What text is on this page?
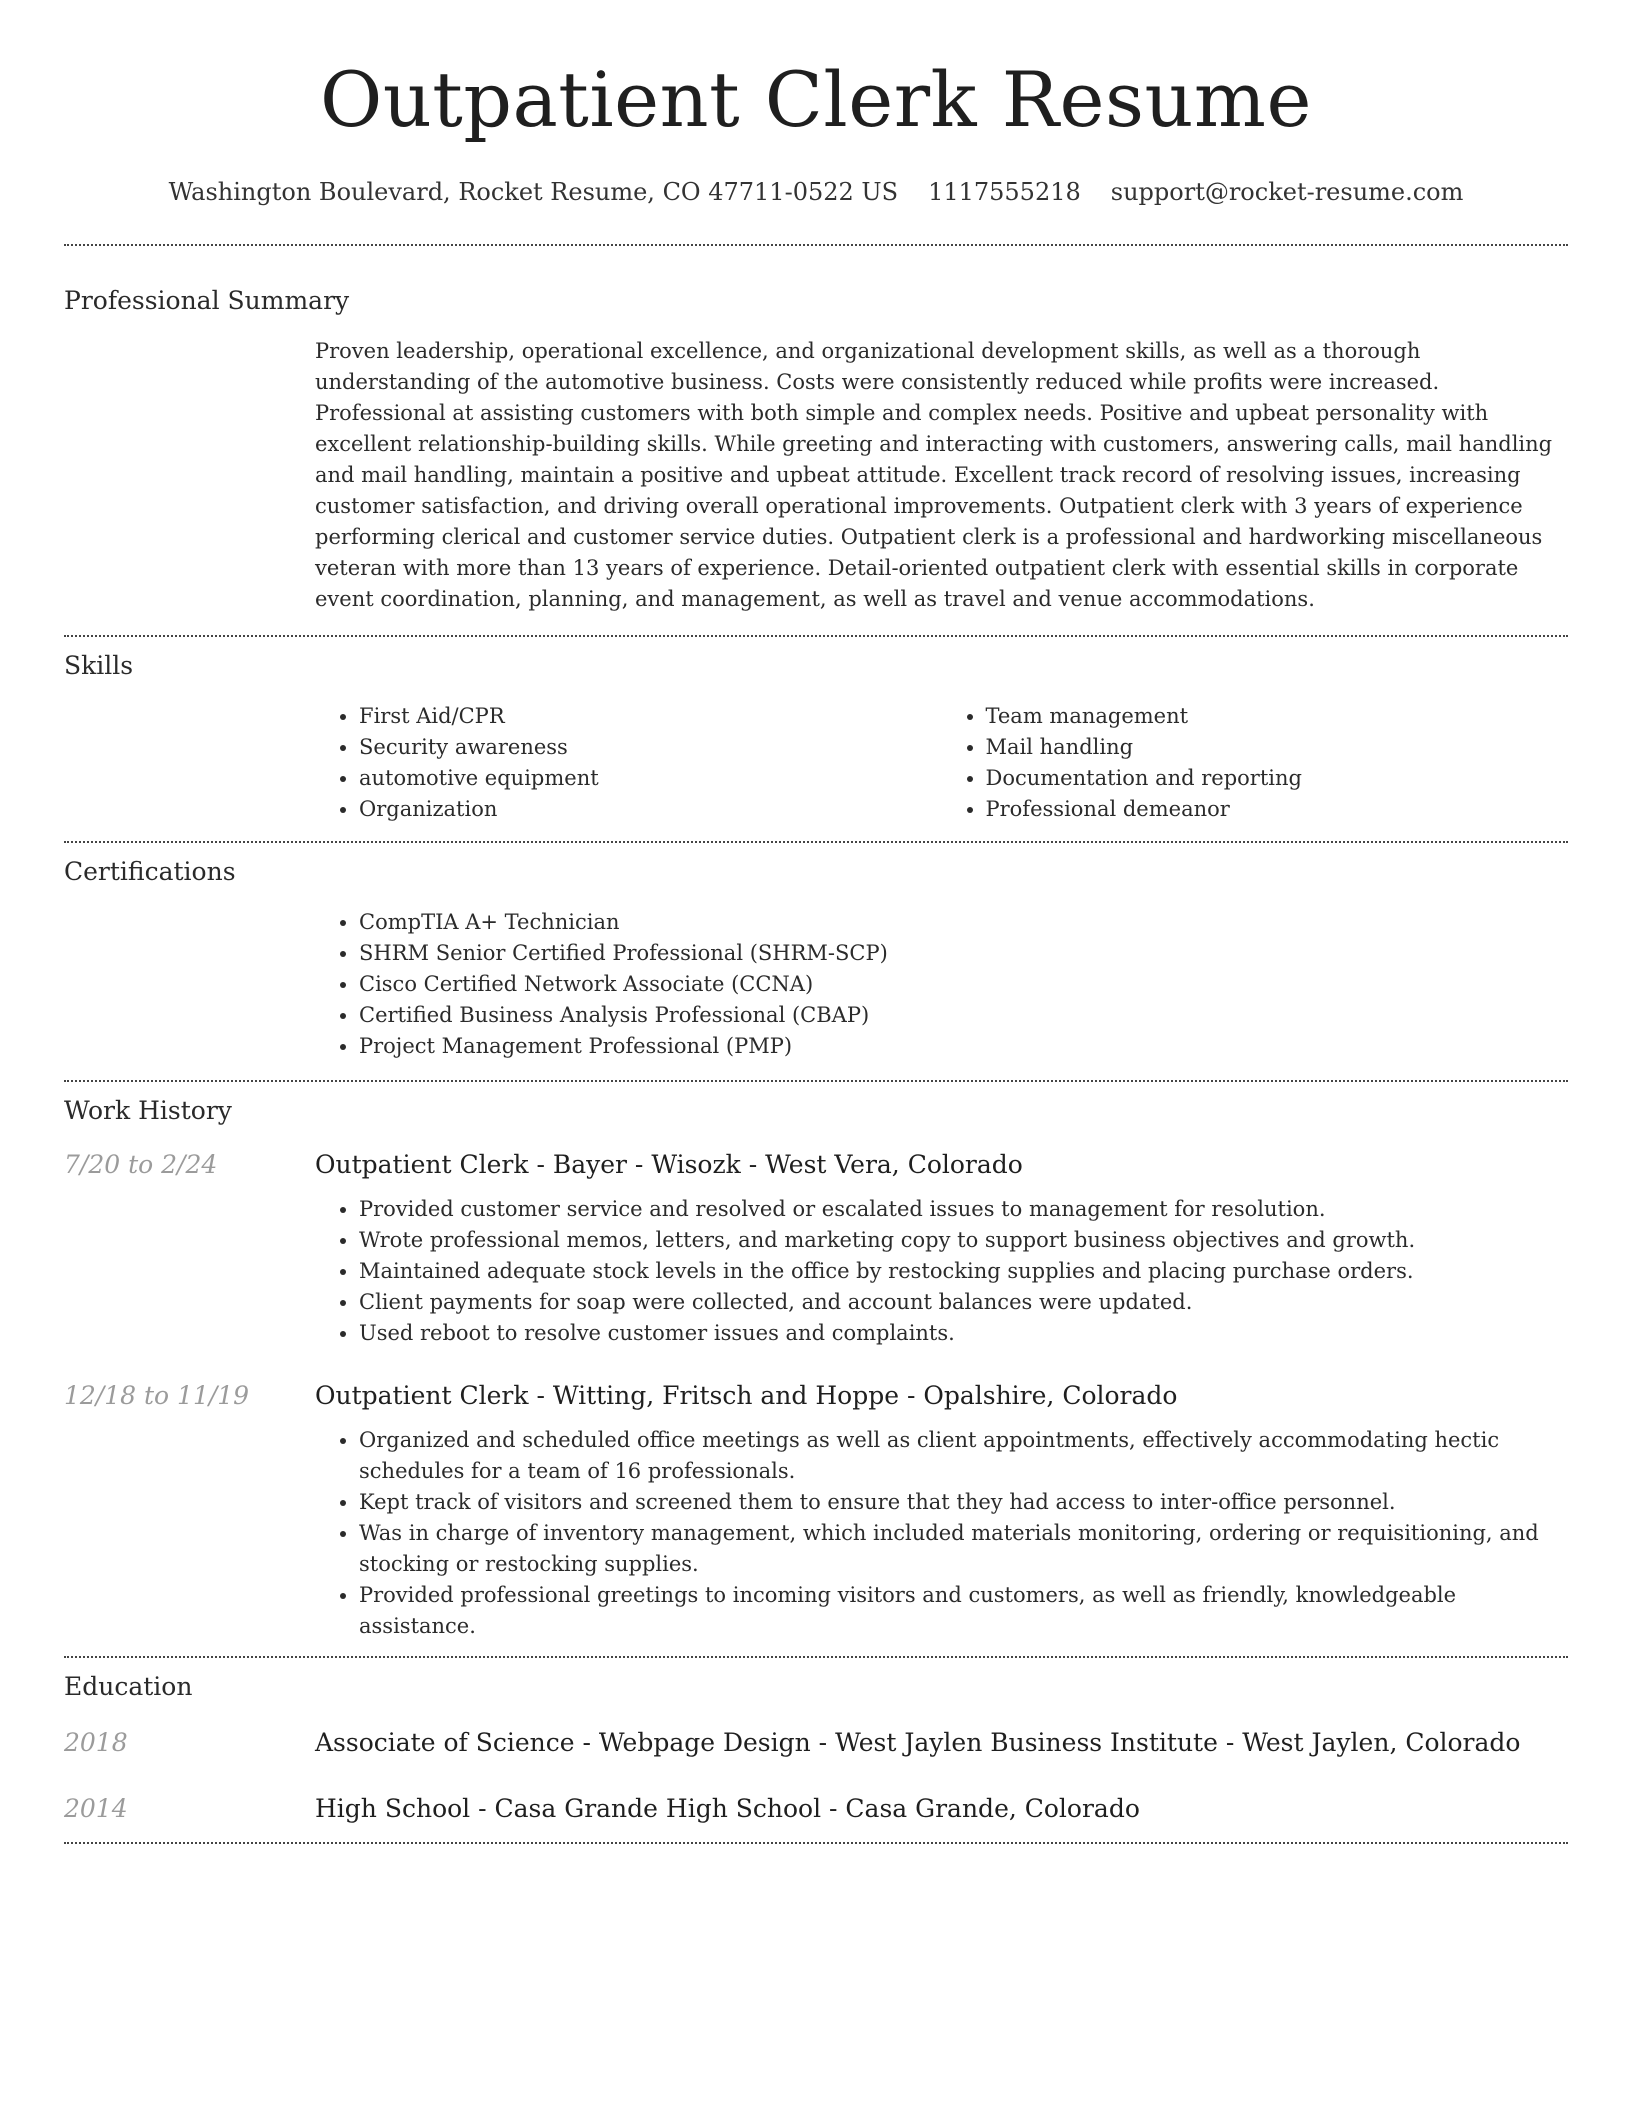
Outpatient Clerk Resume
Washington Boulevard, Rocket Resume, CO 47711-0522 US 1117555218 support@rocket-resume.com
Professional Summary

Proven leadership, operational excellence, and organizational development skills, as well as a thorough understanding of the automotive business. Costs were consistently reduced while profits were increased. Professional at assisting customers with both simple and complex needs. Positive and upbeat personality with excellent relationship-building skills. While greeting and interacting with customers, answering calls, mail handling and mail handling, maintain a positive and upbeat attitude. Excellent track record of resolving issues, increasing customer satisfaction, and driving overall operational improvements. Outpatient clerk with 3 years of experience performing clerical and customer service duties. Outpatient clerk is a professional and hardworking miscellaneous veteran with more than 13 years of experience. Detail-oriented outpatient clerk with essential skills in corporate event coordination, planning, and management, as well as travel and venue accommodations.

Skills
• First Aid/CPR
• Security awareness
• automotive equipment
• Organization
• Team management
• Mail handling
• Documentation and reporting
• Professional demeanor
Certifications
• CompTIA A+ Technician
• SHRM Senior Certified Professional (SHRM-SCP)
• Cisco Certified Network Associate (CCNA)
• Certified Business Analysis Professional (CBAP)
• Project Management Professional (PMP)
Work History
7/20 to 2/24	Outpatient Clerk - Bayer - Wisozk - West Vera, Colorado
• Provided customer service and resolved or escalated issues to management for resolution.
• Wrote professional memos, letters, and marketing copy to support business objectives and growth.
• Maintained adequate stock levels in the office by restocking supplies and placing purchase orders.
• Client payments for soap were collected, and account balances were updated.
• Used reboot to resolve customer issues and complaints.
12/18 to 11/19	Outpatient Clerk - Witting, Fritsch and Hoppe - Opalshire, Colorado
• Organized and scheduled office meetings as well as client appointments, effectively accommodating hectic schedules for a team of 16 professionals.
• Kept track of visitors and screened them to ensure that they had access to inter-office personnel.
• Was in charge of inventory management, which included materials monitoring, ordering or requisitioning, and stocking or restocking supplies.
• Provided professional greetings to incoming visitors and customers, as well as friendly, knowledgeable assistance.
Education
2018	Associate of Science - Webpage Design - West Jaylen Business Institute - West Jaylen, Colorado
2014	High School - Casa Grande High School - Casa Grande, Colorado
